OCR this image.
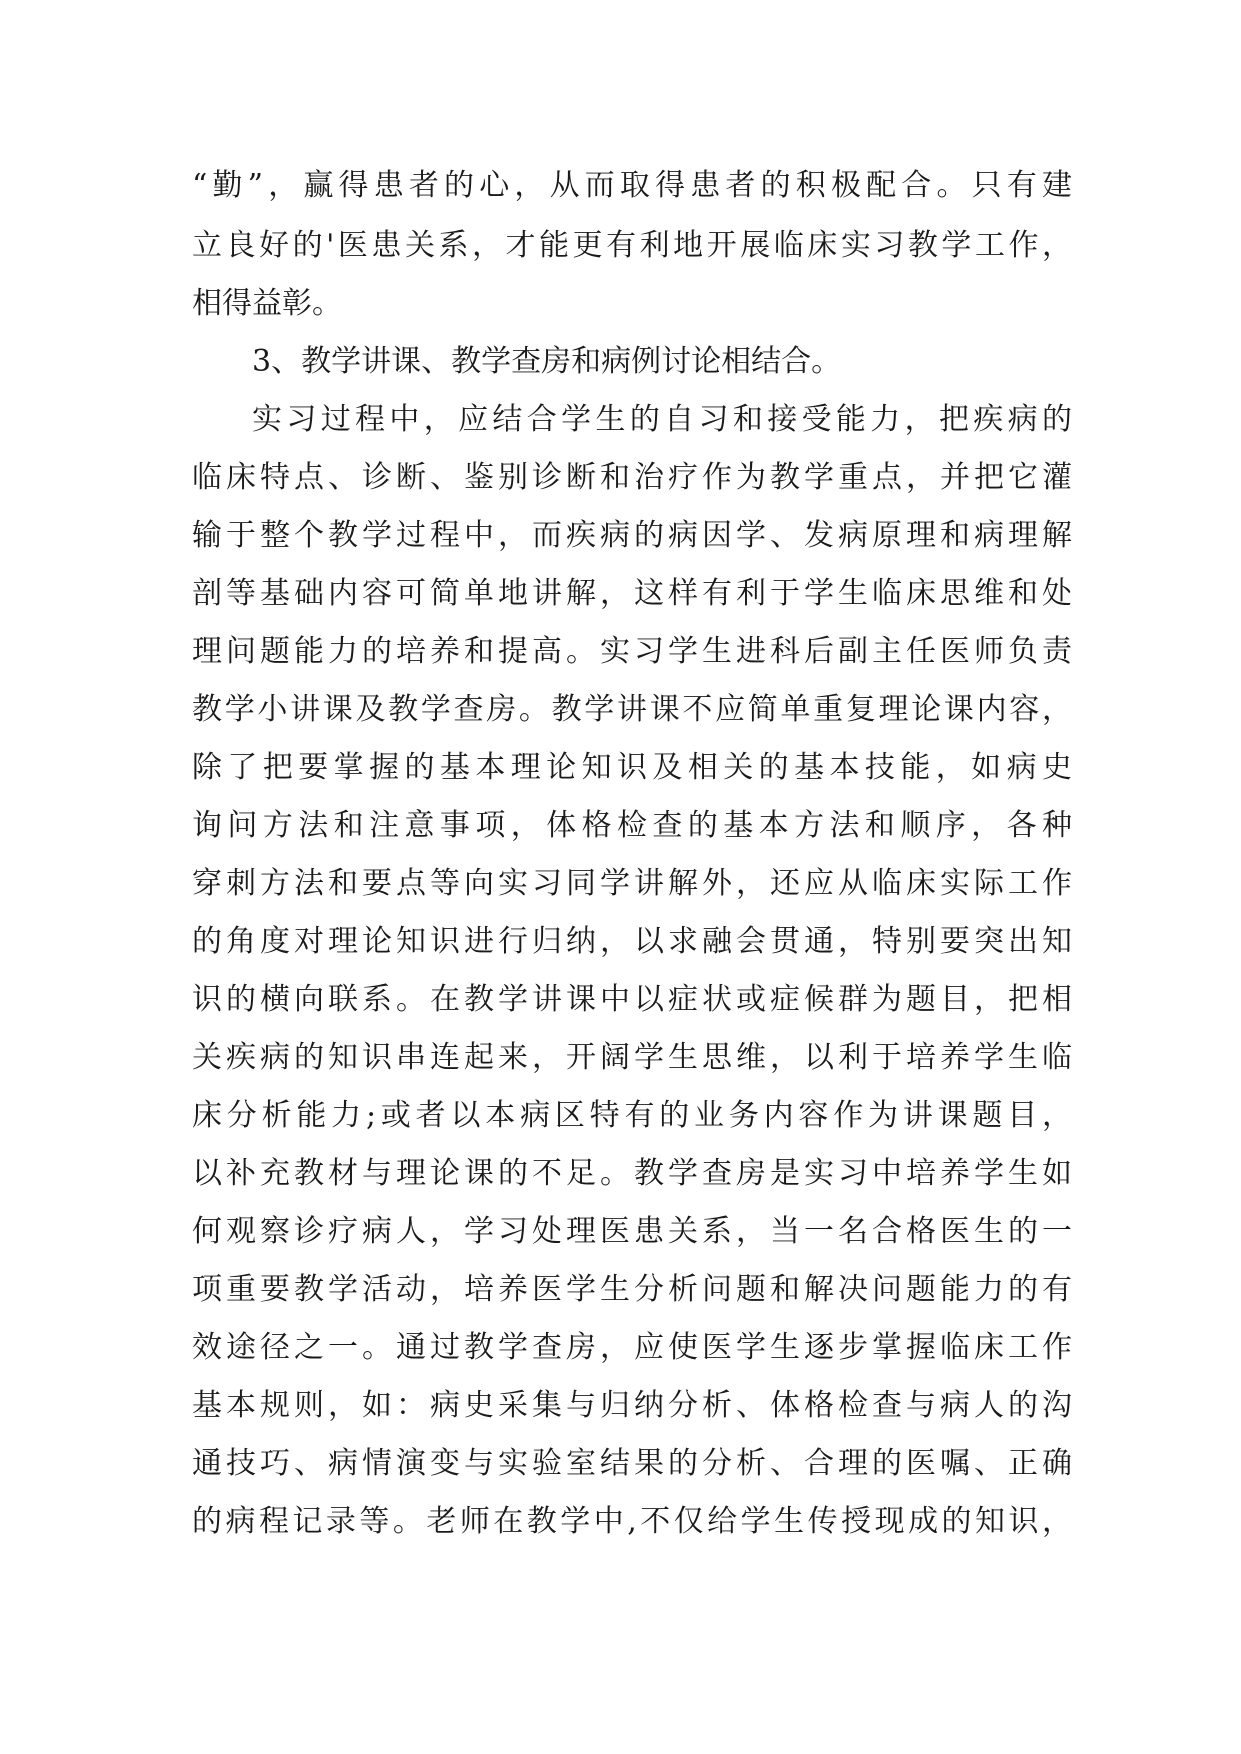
“勤”，赢得患者的心，从而取得患者的积极配合。只有建

立良好的'医患关系，才能更有利地开展临床实习教学工作，

相得益彰。

3、教学讲课、教学查房和病例讨论相结合。

实习过程中，应结合学生的自习和接受能力，把疾病的

临床特点、诊断、鉴别诊断和治疗作为教学重点，并把它灌

输于整个教学过程中，而疾病的病因学、发病原理和病理解

剖等基础内容可简单地讲解，这样有利于学生临床思维和处

理问题能力的培养和提高。实习学生进科后副主任医师负责

教学小讲课及教学查房。教学讲课不应简单重复理论课内容，

除了把要掌握的基本理论知识及相关的基本技能，如病史

询问方法和注意事项，体格检查的基本方法和顺序，各种

穿刺方法和要点等向实习同学讲解外，还应从临床实际工作

的角度对理论知识进行归纳，以求融会贯通，特别要突出知

识的横向联系。在教学讲课中以症状或症候群为题目，把相

关疾病的知识串连起来，开阔学生思维，以利于培养学生临

床分析能力;或者以本病区特有的业务内容作为讲课题目，

以补充教材与理论课的不足。教学查房是实习中培养学生如

何观察诊疗病人，学习处理医患关系，当一名合格医生的一

项重要教学活动，培养医学生分析问题和解决问题能力的有

效途径之一。通过教学查房，应使医学生逐步掌握临床工作

基本规则，如：病史采集与归纳分析、体格检查与病人的沟

通技巧、病情演变与实验室结果的分析、合理的医嘱、正确

的病程记录等。老师在教学中,不仅给学生传授现成的知识，
